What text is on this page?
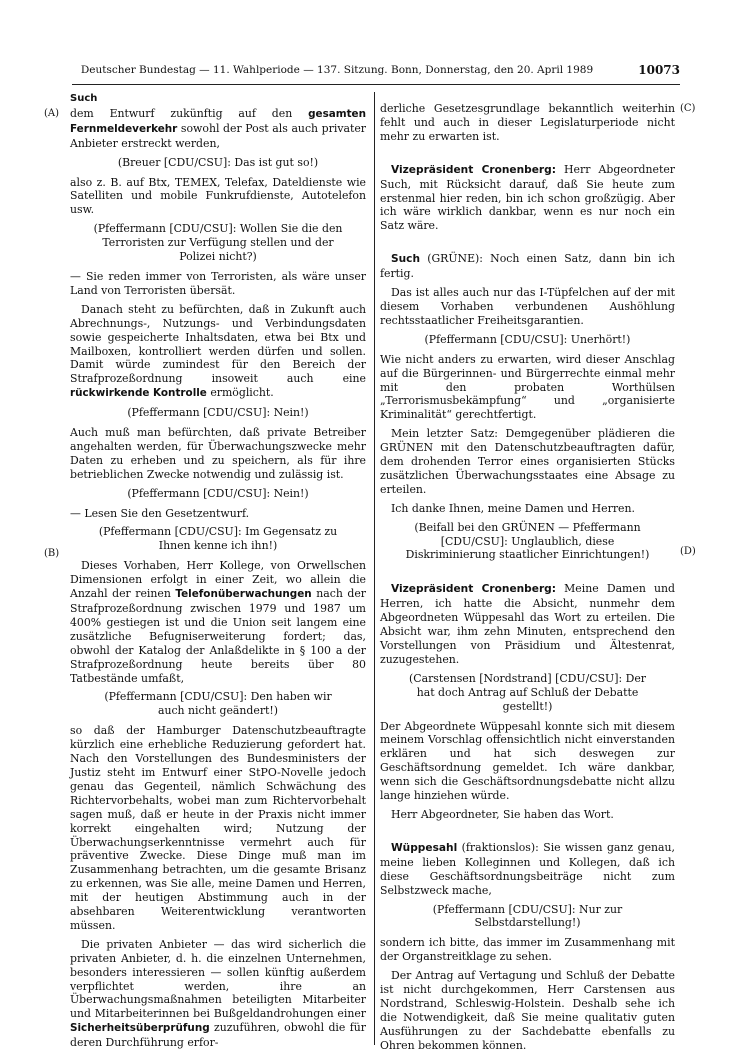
Deutscher Bundestag — 11. Wahlperiode — 137. Sitzung. Bonn, Donnerstag, den 20. April 1989	10073
(A)
(B)
(C)
(D)
Such

dem Entwurf zukünftig auf den gesamten Fernmeldeverkehr sowohl der Post als auch privater Anbieter erstreckt werden,

(Breuer [CDU/CSU]: Das ist gut so!)

also z. B. auf Btx, TEMEX, Telefax, Dateldienste wie Satelliten und mobile Funkrufdienste, Autotelefon usw.

(Pfeffermann [CDU/CSU]: Wollen Sie die den Terroristen zur Verfügung stellen und der Polizei nicht?)

— Sie reden immer von Terroristen, als wäre unser Land von Terroristen übersät.

Danach steht zu befürchten, daß in Zukunft auch Abrechnungs-, Nutzungs- und Verbindungsdaten sowie gespeicherte Inhaltsdaten, etwa bei Btx und Mailboxen, kontrolliert werden dürfen und sollen. Damit würde zumindest für den Bereich der Strafprozeßordnung insoweit auch eine rückwirkende Kontrolle ermöglicht.

(Pfeffermann [CDU/CSU]: Nein!)

Auch muß man befürchten, daß private Betreiber angehalten werden, für Überwachungszwecke mehr Daten zu erheben und zu speichern, als für ihre betrieblichen Zwecke notwendig und zulässig ist.

(Pfeffermann [CDU/CSU]: Nein!)

— Lesen Sie den Gesetzentwurf.

(Pfeffermann [CDU/CSU]: Im Gegensatz zu Ihnen kenne ich ihn!)

Dieses Vorhaben, Herr Kollege, von Orwellschen Dimensionen erfolgt in einer Zeit, wo allein die Anzahl der reinen Telefonüberwachungen nach der Strafprozeßordnung zwischen 1979 und 1987 um 400% gestiegen ist und die Union seit langem eine zusätzliche Befugniserweiterung fordert; das, obwohl der Katalog der Anlaßdelikte in § 100 a der Strafprozeßordnung heute bereits über 80 Tatbestände umfaßt,

(Pfeffermann [CDU/CSU]: Den haben wir auch nicht geändert!)

so daß der Hamburger Datenschutzbeauftragte kürzlich eine erhebliche Reduzierung gefordert hat. Nach den Vorstellungen des Bundesministers der Justiz steht im Entwurf einer StPO-Novelle jedoch genau das Gegenteil, nämlich Schwächung des Richtervorbehalts, wobei man zum Richtervorbehalt sagen muß, daß er heute in der Praxis nicht immer korrekt eingehalten wird; Nutzung der Überwachungserkenntnisse vermehrt auch für präventive Zwecke. Diese Dinge muß man im Zusammenhang betrachten, um die gesamte Brisanz zu erkennen, was Sie alle, meine Damen und Herren, mit der heutigen Abstimmung auch in der absehbaren Weiterentwicklung verantworten müssen.

Die privaten Anbieter — das wird sicherlich die privaten Anbieter, d. h. die einzelnen Unternehmen, besonders interessieren — sollen künftig außerdem verpflichtet werden, ihre an Überwachungsmaßnahmen beteiligten Mitarbeiter und Mitarbeiterinnen bei Bußgeldandrohungen einer Sicherheitsüberprüfung zuzuführen, obwohl die für deren Durchführung erfor-

derliche Gesetzesgrundlage bekanntlich weiterhin fehlt und auch in dieser Legislaturperiode nicht mehr zu erwarten ist.

Vizepräsident Cronenberg: Herr Abgeordneter Such, mit Rücksicht darauf, daß Sie heute zum erstenmal hier reden, bin ich schon großzügig. Aber ich wäre wirklich dankbar, wenn es nur noch ein Satz wäre.

Such (GRÜNE): Noch einen Satz, dann bin ich fertig.

Das ist alles auch nur das I-Tüpfelchen auf der mit diesem Vorhaben verbundenen Aushöhlung rechtsstaatlicher Freiheitsgarantien.

(Pfeffermann [CDU/CSU]: Unerhört!)

Wie nicht anders zu erwarten, wird dieser Anschlag auf die Bürgerinnen- und Bürgerrechte einmal mehr mit den probaten Worthülsen „Terrorismusbekämpfung“ und „organisierte Kriminalität“ gerechtfertigt.

Mein letzter Satz: Demgegenüber plädieren die GRÜNEN mit den Datenschutzbeauftragten dafür, dem drohenden Terror eines organisierten Stücks zusätzlichen Überwachungsstaates eine Absage zu erteilen.

Ich danke Ihnen, meine Damen und Herren.

(Beifall bei den GRÜNEN — Pfeffermann [CDU/CSU]: Unglaublich, diese Diskriminierung staatlicher Einrichtungen!)

Vizepräsident Cronenberg: Meine Damen und Herren, ich hatte die Absicht, nunmehr dem Abgeordneten Wüppesahl das Wort zu erteilen. Die Absicht war, ihm zehn Minuten, entsprechend den Vorstellungen von Präsidium und Ältestenrat, zuzugestehen.

(Carstensen [Nordstrand] [CDU/CSU]: Der hat doch Antrag auf Schluß der Debatte gestellt!)

Der Abgeordnete Wüppesahl konnte sich mit diesem meinem Vorschlag offensichtlich nicht einverstanden erklären und hat sich deswegen zur Geschäftsordnung gemeldet. Ich wäre dankbar, wenn sich die Geschäftsordnungsdebatte nicht allzu lange hinziehen würde.

Herr Abgeordneter, Sie haben das Wort.

Wüppesahl (fraktionslos): Sie wissen ganz genau, meine lieben Kolleginnen und Kollegen, daß ich diese Geschäftsordnungsbeiträge nicht zum Selbstzweck mache,

(Pfeffermann [CDU/CSU]: Nur zur Selbstdarstellung!)

sondern ich bitte, das immer im Zusammenhang mit der Organstreitklage zu sehen.

Der Antrag auf Vertagung und Schluß der Debatte ist nicht durchgekommen, Herr Carstensen aus Nordstrand, Schleswig-Holstein. Deshalb sehe ich die Notwendigkeit, daß Sie meine qualitativ guten Ausführungen zu der Sachdebatte ebenfalls zu Ohren bekommen können.
